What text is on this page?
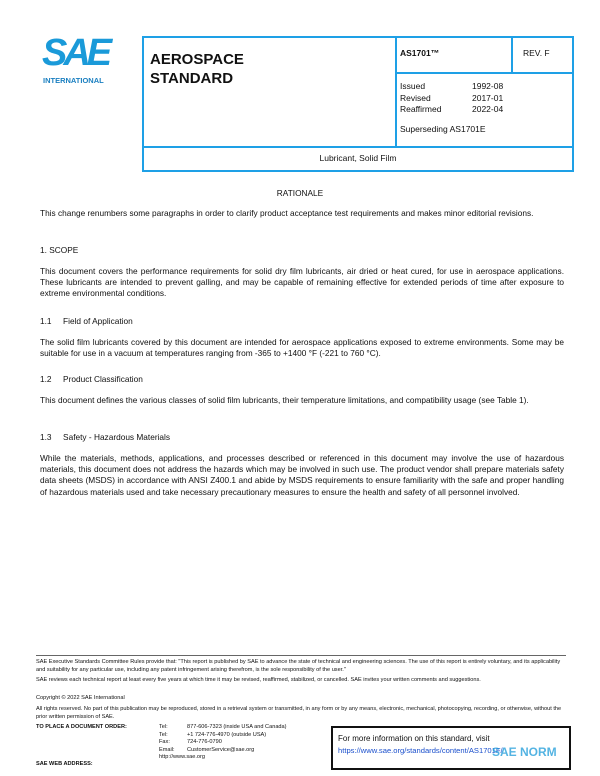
SAE
INTERNATIONAL
AEROSPACE STANDARD
AS1701™	REV. F
Issued	1992-08
Revised	2017-01
Reaffirmed	2022-04
Superseding AS1701E
Lubricant, Solid Film
RATIONALE
This change renumbers some paragraphs in order to clarify product acceptance test requirements and makes minor editorial revisions.
1. SCOPE
This document covers the performance requirements for solid dry film lubricants, air dried or heat cured, for use in aerospace applications. These lubricants are intended to prevent galling, and may be capable of remaining effective for extended periods of time after exposure to extreme environmental conditions.
1.1     Field of Application
The solid film lubricants covered by this document are intended for aerospace applications exposed to extreme environments. Some may be suitable for use in a vacuum at temperatures ranging from -365 to +1400 °F (-221 to 760 °C).
1.2     Product Classification
This document defines the various classes of solid film lubricants, their temperature limitations, and compatibility usage (see Table 1).
1.3     Safety - Hazardous Materials
While the materials, methods, applications, and processes described or referenced in this document may involve the use of hazardous materials, this document does not address the hazards which may be involved in such use. The product vendor shall prepare materials safety data sheets (MSDS) in accordance with ANSI Z400.1 and abide by MSDS requirements to ensure familiarity with the safe and proper handling of hazardous materials used and take necessary precautionary measures to ensure the health and safety of all personnel involved.
SAE Executive Standards Committee Rules provide that: "This report is published by SAE to advance the state of technical and engineering sciences. The use of this report is entirely voluntary, and its applicability and suitability for any particular use, including any patent infringement arising therefrom, is the sole responsibility of the user."
SAE reviews each technical report at least every five years at which time it may be revised, reaffirmed, stabilized, or cancelled. SAE invites your written comments and suggestions.
Copyright © 2022 SAE International
All rights reserved. No part of this publication may be reproduced, stored in a retrieval system or transmitted, in any form or by any means, electronic, mechanical, photocopying, recording, or otherwise, without the prior written permission of SAE.
TO PLACE A DOCUMENT ORDER:	Tel:	877-606-7323 (inside USA and Canada)
Tel:	+1 724-776-4970 (outside USA)
Fax:	724-776-0790
Email: CustomerService@sae.org
http://www.sae.org
SAE WEB ADDRESS:
For more information on this standard, visit
https://www.sae.org/standards/content/AS1701F/
SAE NORM
